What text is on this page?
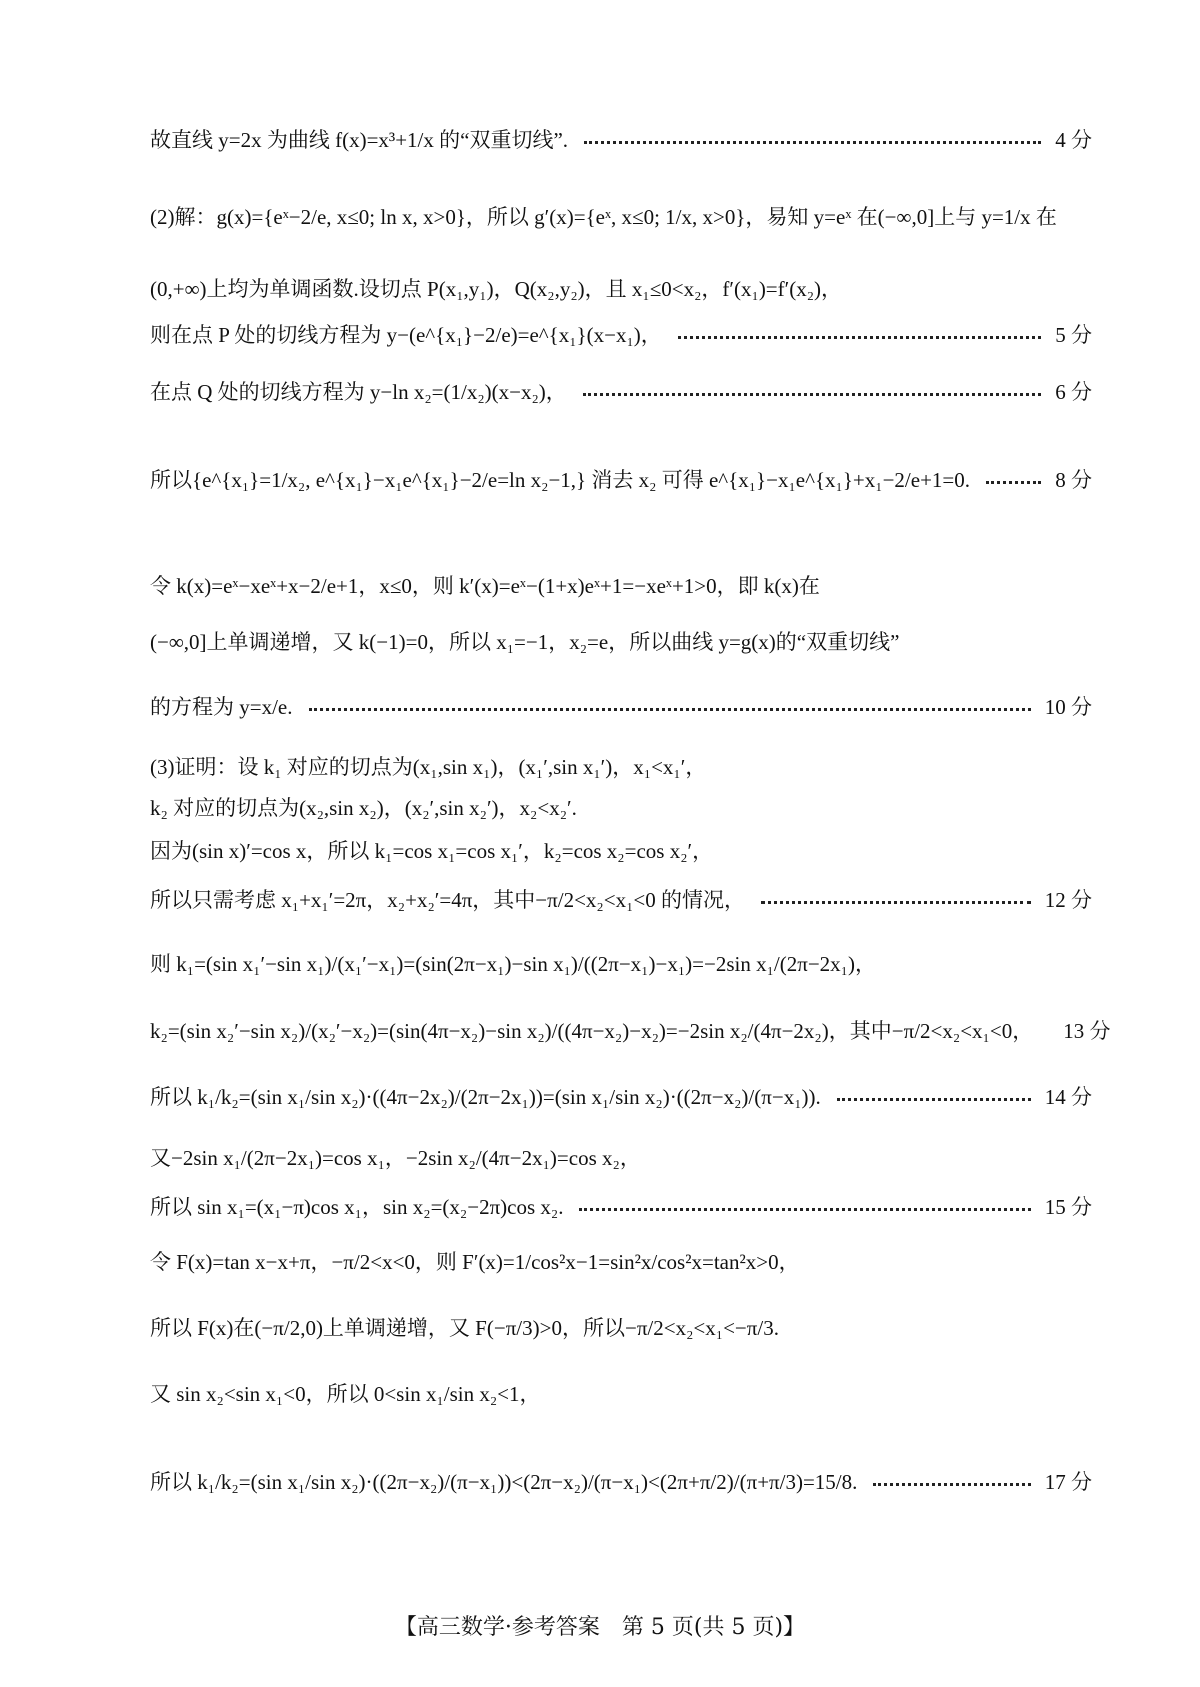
故直线 y=2x 为曲线 f(x)=x³+1/x 的“双重切线”.	4 分
(2)解：g(x)={eˣ−2/e, x≤0; ln x, x>0}，所以 g′(x)={eˣ, x≤0; 1/x, x>0}，易知 y=eˣ 在(−∞,0]上与 y=1/x 在
(0,+∞)上均为单调函数.设切点 P(x₁,y₁)，Q(x₂,y₂)，且 x₁≤0<x₂，f′(x₁)=f′(x₂)，
则在点 P 处的切线方程为 y−(e^{x₁}−2/e)=e^{x₁}(x−x₁)，	5 分
在点 Q 处的切线方程为 y−ln x₂=(1/x₂)(x−x₂)，	6 分
所以{e^{x₁}=1/x₂, e^{x₁}−x₁e^{x₁}−2/e=ln x₂−1,} 消去 x₂ 可得 e^{x₁}−x₁e^{x₁}+x₁−2/e+1=0.	8 分
令 k(x)=eˣ−xeˣ+x−2/e+1，x≤0，则 k′(x)=eˣ−(1+x)eˣ+1=−xeˣ+1>0，即 k(x)在
(−∞,0]上单调递增，又 k(−1)=0，所以 x₁=−1，x₂=e，所以曲线 y=g(x)的“双重切线”
的方程为 y=x/e.	10 分
(3)证明：设 k₁ 对应的切点为(x₁,sin x₁)，(x₁′,sin x₁′)，x₁<x₁′，
k₂ 对应的切点为(x₂,sin x₂)，(x₂′,sin x₂′)，x₂<x₂′.
因为(sin x)′=cos x，所以 k₁=cos x₁=cos x₁′，k₂=cos x₂=cos x₂′，
所以只需考虑 x₁+x₁′=2π，x₂+x₂′=4π，其中−π/2<x₂<x₁<0 的情况，	12 分
则 k₁=(sin x₁′−sin x₁)/(x₁′−x₁)=(sin(2π−x₁)−sin x₁)/((2π−x₁)−x₁)=−2sin x₁/(2π−2x₁)，
k₂=(sin x₂′−sin x₂)/(x₂′−x₂)=(sin(4π−x₂)−sin x₂)/((4π−x₂)−x₂)=−2sin x₂/(4π−2x₂)，其中−π/2<x₂<x₁<0， 13 分
所以 k₁/k₂=(sin x₁/sin x₂)·((4π−2x₂)/(2π−2x₁))=(sin x₁/sin x₂)·((2π−x₂)/(π−x₁)).	14 分
又−2sin x₁/(2π−2x₁)=cos x₁，−2sin x₂/(4π−2x₁)=cos x₂，
所以 sin x₁=(x₁−π)cos x₁，sin x₂=(x₂−2π)cos x₂.	15 分
令 F(x)=tan x−x+π，−π/2<x<0，则 F′(x)=1/cos²x−1=sin²x/cos²x=tan²x>0，
所以 F(x)在(−π/2,0)上单调递增，又 F(−π/3)>0，所以−π/2<x₂<x₁<−π/3.
又 sin x₂<sin x₁<0，所以 0<sin x₁/sin x₂<1，
所以 k₁/k₂=(sin x₁/sin x₂)·((2π−x₂)/(π−x₁))<(2π−x₂)/(π−x₁)<(2π+π/2)/(π+π/3)=15/8.	17 分
【高三数学·参考答案　第 5 页(共 5 页)】
